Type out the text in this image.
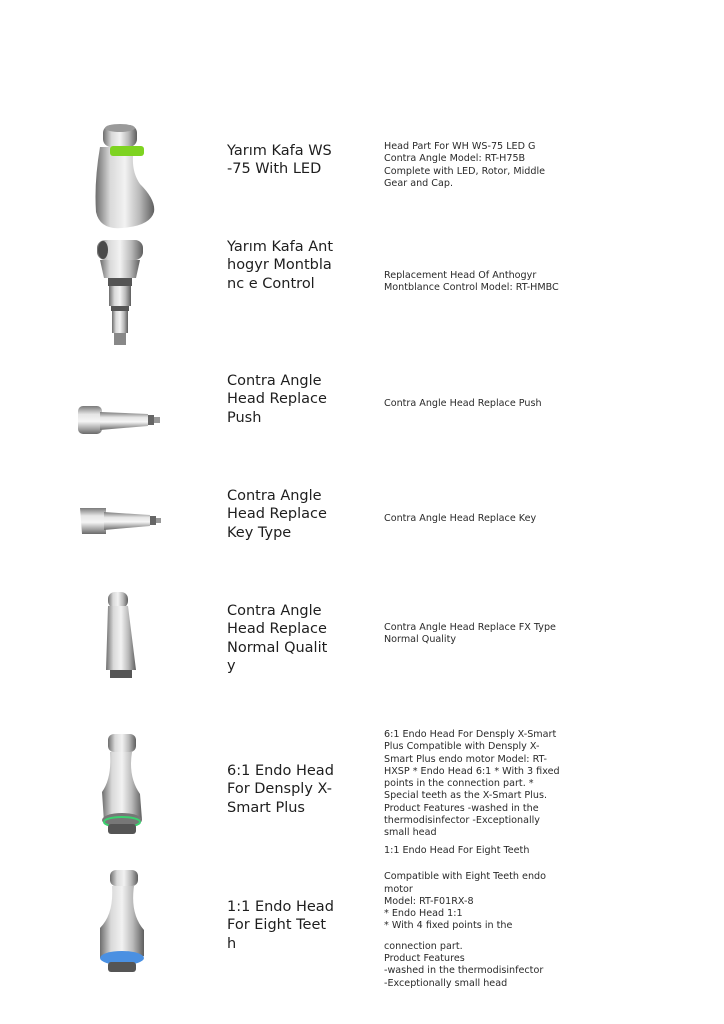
Yarım Kafa WS-75 With LED
Head Part For WH WS-75 LED G Contra Angle Model: RT-H75B Complete with LED, Rotor, Middle Gear and Cap.
Yarım Kafa Anthogyr Montblanc e Control
Replacement Head Of Anthogyr Montblance Control Model: RT-HMBC
Contra Angle Head Replace Push
Contra Angle Head Replace Push
Contra Angle Head Replace Key Type
Contra Angle Head Replace Key
Contra Angle Head Replace Normal Quality
Contra Angle Head Replace FX Type Normal Quality
6:1 Endo Head For Densply X-Smart Plus
6:1 Endo Head For Densply X-Smart Plus Compatible with Densply X-Smart Plus endo motor Model: RT-HXSP * Endo Head 6:1 * With 3 fixed points in the connection part. * Special teeth as the X-Smart Plus. Product Features -washed in the thermodisinfector -Exceptionally small head
1:1 Endo Head For Eight Teeth

1:1 Endo Head For Eight Teeth

Compatible with Eight Teeth endo motor

Model: RT-F01RX-8

* Endo Head 1:1

* With 4 fixed points in the

connection part.

Product Features

-washed in the thermodisinfector

-Exceptionally small head
